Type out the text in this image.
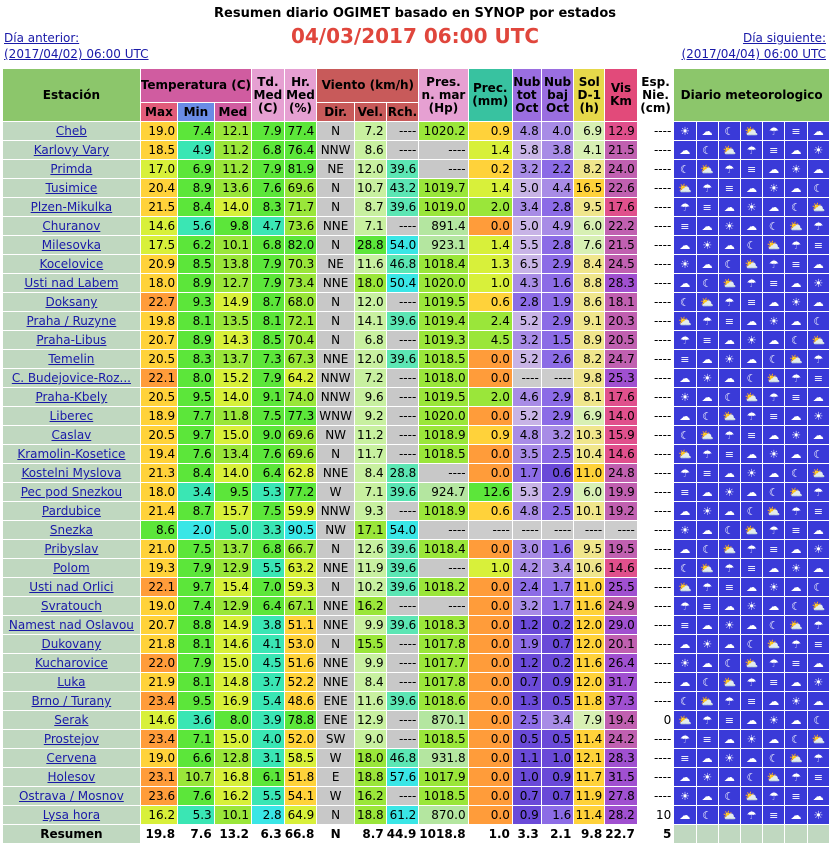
Resumen diario OGIMET basado en SYNOP por estados
04/03/2017 06:00 UTC
Día anterior:
(2017/04/02) 06:00 UTC
Día siguiente:
(2017/04/04) 06:00 UTC
Estación	Temperatura (C)			Td. Med (C)	Hr. Med (%)	Viento (km/h)			Pres. n. mar (Hp)	Prec. (mm)	Nub tot Oct	Nub baj Oct	Sol D-1 (h)	Vis Km	Esp. Nie. (cm)	Diario meteorologico						
	Max	Min	Med			Dir.	Vel.	Rch.														
Cheb	19.0	7.4	12.1	7.9	77.4	N	7.2	----	1020.2	0.9	4.8	4.0	6.9	12.9	----	☀	☁	☾	⛅	☂	≡	☁
Karlovy Vary	18.5	4.9	11.2	6.8	76.4	NNW	8.6	----	----	1.4	5.8	3.8	4.1	21.5	----	☁	☾	⛅	☂	≡	☁	☀
Primda	17.0	6.9	11.2	7.9	81.9	NE	12.0	39.6	----	0.2	3.2	2.2	8.2	24.0	----	☾	⛅	☂	≡	☁	☀	☁
Tusimice	20.4	8.9	13.6	7.6	69.6	N	10.7	43.2	1019.7	1.4	5.0	4.4	16.5	22.6	----	⛅	☂	≡	☁	☀	☁	☾
Plzen-Mikulka	21.5	8.4	14.0	8.3	71.7	N	8.7	39.6	1019.0	2.0	3.4	2.8	9.5	17.6	----	☂	≡	☁	☀	☁	☾	⛅
Churanov	14.6	5.6	9.8	4.7	73.6	NNE	7.1	----	891.4	0.0	5.0	4.9	6.0	22.2	----	≡	☁	☀	☁	☾	⛅	☂
Milesovka	17.5	6.2	10.1	6.8	82.0	N	28.8	54.0	923.1	1.4	5.5	2.8	7.6	21.5	----	☁	☀	☁	☾	⛅	☂	≡
Kocelovice	20.9	8.5	13.8	7.9	70.3	NE	11.6	46.8	1018.4	1.3	6.5	2.9	8.4	24.5	----	☀	☁	☾	⛅	☂	≡	☁
Usti nad Labem	18.0	8.9	12.7	7.9	73.4	NNE	18.0	50.4	1020.0	1.0	4.3	1.6	8.8	28.3	----	☁	☾	⛅	☂	≡	☁	☀
Doksany	22.7	9.3	14.9	8.7	68.0	N	12.0	----	1019.5	0.6	2.8	1.9	8.6	18.1	----	☾	⛅	☂	≡	☁	☀	☁
Praha / Ruzyne	19.8	8.1	13.5	8.1	72.1	N	14.1	39.6	1019.4	2.4	5.2	2.9	9.1	20.3	----	⛅	☂	≡	☁	☀	☁	☾
Praha-Libus	20.7	8.9	14.3	8.5	70.4	N	6.8	----	1019.3	4.5	3.2	1.5	8.9	20.5	----	☂	≡	☁	☀	☁	☾	⛅
Temelin	20.5	8.3	13.7	7.3	67.3	NNE	12.0	39.6	1018.5	0.0	5.2	2.6	8.2	24.7	----	≡	☁	☀	☁	☾	⛅	☂
C. Budejovice-Roz...	22.1	8.0	15.2	7.9	64.2	NNW	7.2	----	1018.0	0.0	----	----	9.8	25.3	----	☁	☀	☁	☾	⛅	☂	≡
Praha-Kbely	20.5	9.5	14.0	9.1	74.0	NNW	9.6	----	1019.5	2.0	4.6	2.9	8.1	17.6	----	☀	☁	☾	⛅	☂	≡	☁
Liberec	18.9	7.7	11.8	7.5	77.3	WNW	9.2	----	1020.0	0.0	5.2	2.9	6.9	14.0	----	☁	☾	⛅	☂	≡	☁	☀
Caslav	20.5	9.7	15.0	9.0	69.6	NW	11.2	----	1018.9	0.9	4.8	3.2	10.3	15.9	----	☾	⛅	☂	≡	☁	☀	☁
Kramolin-Kosetice	19.4	7.6	13.4	7.6	69.6	N	11.7	----	1018.5	0.0	3.5	2.5	10.4	14.6	----	⛅	☂	≡	☁	☀	☁	☾
Kostelni Myslova	21.3	8.4	14.0	6.4	62.8	NNE	8.4	28.8	----	0.0	1.7	0.6	11.0	24.8	----	☂	≡	☁	☀	☁	☾	⛅
Pec pod Snezkou	18.0	3.4	9.5	5.3	77.2	W	7.1	39.6	924.7	12.6	5.3	2.9	6.0	19.9	----	≡	☁	☀	☁	☾	⛅	☂
Pardubice	21.4	8.7	15.7	7.5	59.9	NNW	9.3	----	1018.9	0.6	4.8	2.5	10.1	19.2	----	☁	☀	☁	☾	⛅	☂	≡
Snezka	8.6	2.0	5.0	3.3	90.5	NW	17.1	54.0	----	----	----	----	----	----	----	☀	☁	☾	⛅	☂	≡	☁
Pribyslav	21.0	7.5	13.7	6.8	66.7	N	12.6	39.6	1018.4	0.0	3.0	1.6	9.5	19.5	----	☁	☾	⛅	☂	≡	☁	☀
Polom	19.3	7.9	12.9	5.5	63.2	NNE	11.9	39.6	----	1.0	4.2	3.4	10.6	14.6	----	☾	⛅	☂	≡	☁	☀	☁
Usti nad Orlici	22.1	9.7	15.4	7.0	59.3	N	10.2	39.6	1018.2	0.0	2.4	1.7	11.0	25.5	----	⛅	☂	≡	☁	☀	☁	☾
Svratouch	19.0	7.4	12.9	6.4	67.1	NNE	16.2	----	----	0.0	3.2	1.7	11.6	24.9	----	☂	≡	☁	☀	☁	☾	⛅
Namest nad Oslavou	20.7	8.8	14.9	3.8	51.1	NNE	9.9	39.6	1018.3	0.0	1.2	0.2	12.0	29.0	----	≡	☁	☀	☁	☾	⛅	☂
Dukovany	21.8	8.1	14.6	4.1	53.0	N	15.5	----	1017.8	0.0	1.9	0.7	12.0	20.1	----	☁	☀	☁	☾	⛅	☂	≡
Kucharovice	22.0	7.9	15.0	4.5	51.6	NNE	9.9	----	1017.7	0.0	1.2	0.2	11.6	26.4	----	☀	☁	☾	⛅	☂	≡	☁
Luka	21.9	8.1	14.8	3.7	52.2	NNE	8.4	----	1017.8	0.0	0.7	0.9	12.0	31.7	----	☁	☾	⛅	☂	≡	☁	☀
Brno / Turany	23.4	9.5	16.9	5.4	48.6	ENE	11.6	39.6	1018.6	0.0	1.3	0.5	11.8	37.3	----	☾	⛅	☂	≡	☁	☀	☁
Serak	14.6	3.6	8.0	3.9	78.8	ENE	12.9	----	870.1	0.0	2.5	3.4	7.9	19.4	0	⛅	☂	≡	☁	☀	☁	☾
Prostejov	23.4	7.1	15.0	4.0	52.0	SW	9.0	----	1018.5	0.0	0.5	0.5	11.4	24.2	----	☂	≡	☁	☀	☁	☾	⛅
Cervena	19.0	6.6	12.8	3.1	58.5	W	18.0	46.8	931.8	0.0	1.1	1.0	12.1	28.3	----	≡	☁	☀	☁	☾	⛅	☂
Holesov	23.1	10.7	16.8	6.1	51.8	E	18.8	57.6	1017.9	0.0	1.0	0.9	11.7	31.5	----	☁	☀	☁	☾	⛅	☂	≡
Ostrava / Mosnov	23.6	7.6	16.2	5.5	54.1	W	16.2	----	1018.5	0.0	0.7	0.7	11.9	27.8	----	☀	☁	☾	⛅	☂	≡	☁
Lysa hora	16.2	5.3	10.1	2.8	64.9	N	18.8	61.2	870.0	0.0	0.9	1.6	11.4	28.2	10	☁	☾	⛅	☂	≡	☁	☀
Resumen	19.8	7.6	13.2	6.3	66.8	N	8.7	44.9	1018.8	1.0	3.3	2.1	9.8	22.7	5							
